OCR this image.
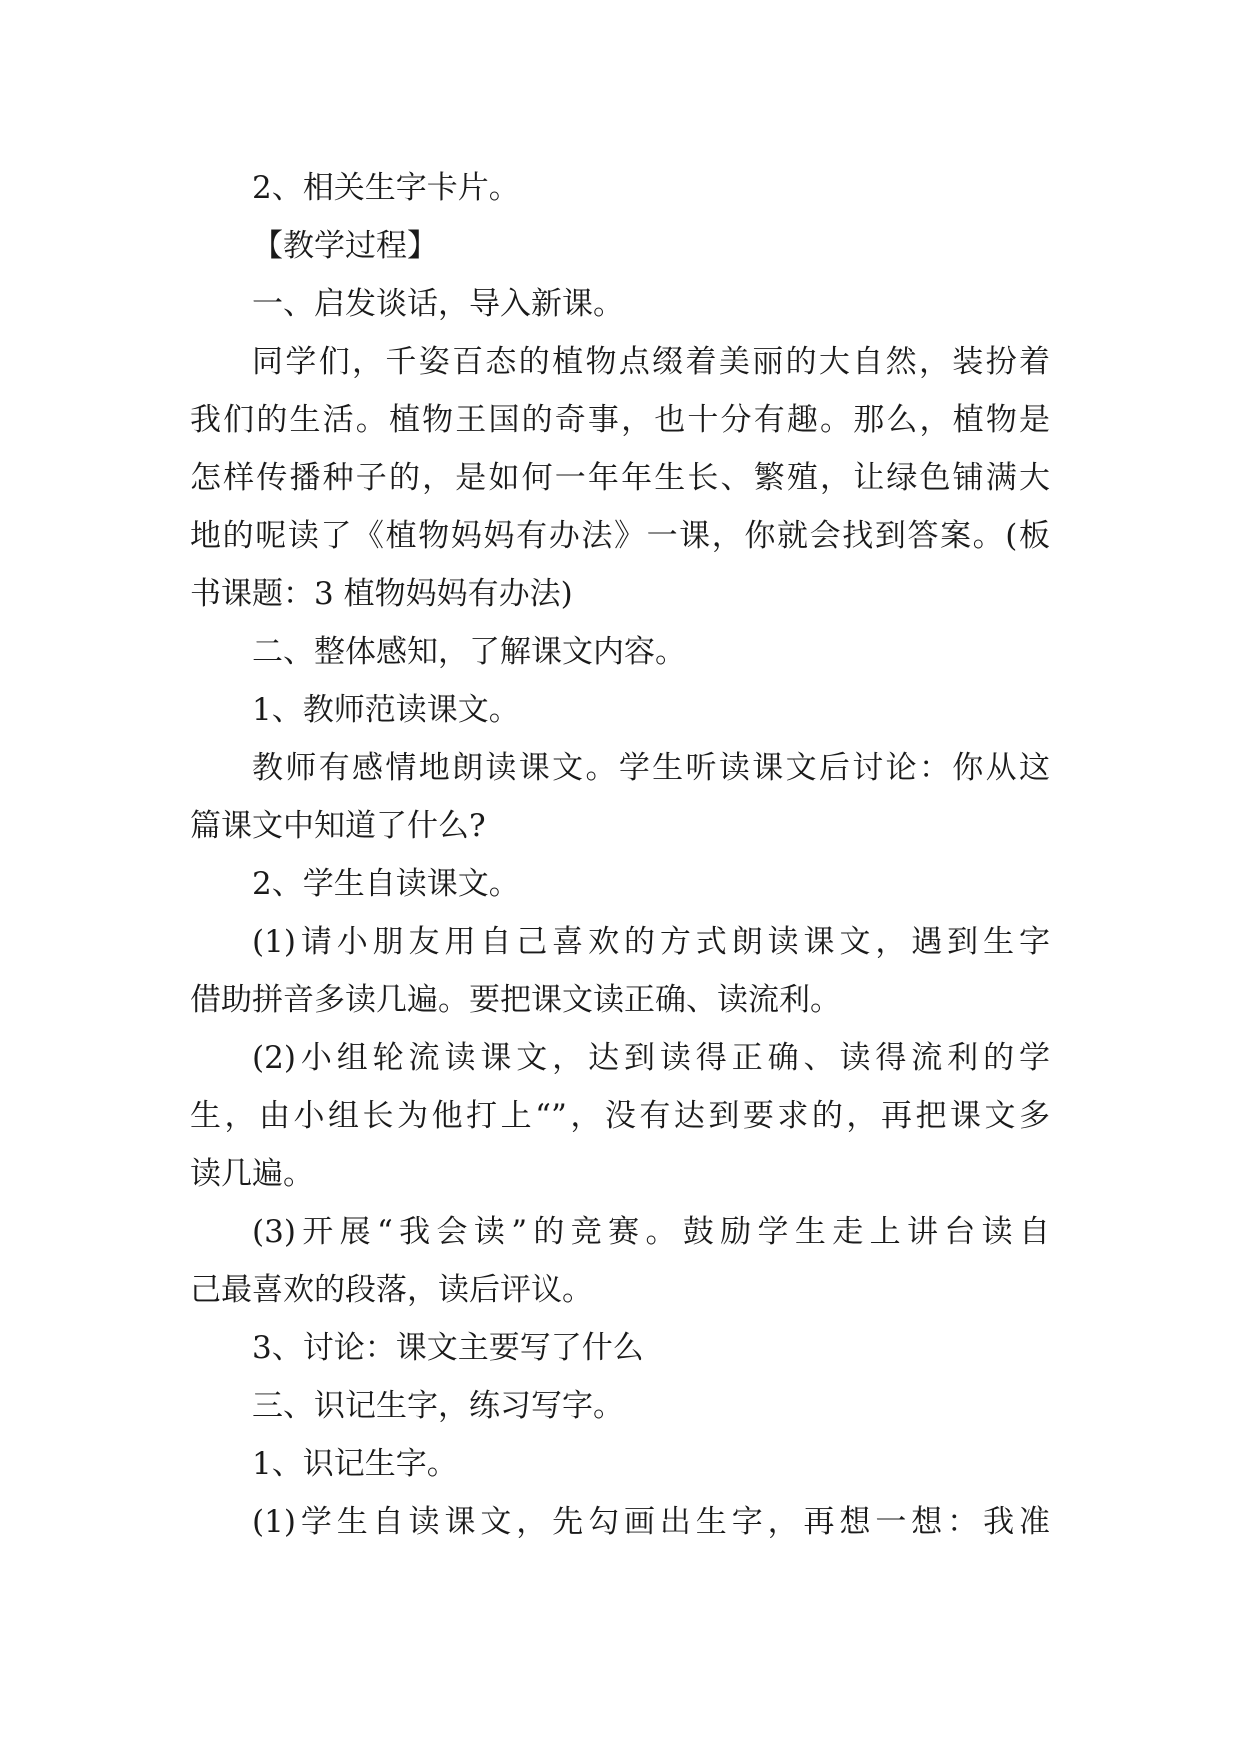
2、相关生字卡片。
【教学过程】
一、启发谈话，导入新课。
同学们，千姿百态的植物点缀着美丽的大自然，装扮着
我们的生活。植物王国的奇事，也十分有趣。那么，植物是
怎样传播种子的，是如何一年年生长、繁殖，让绿色铺满大
地的呢读了《植物妈妈有办法》一课，你就会找到答案。(板
书课题：3 植物妈妈有办法)
二、整体感知，了解课文内容。
1、教师范读课文。
教师有感情地朗读课文。学生听读课文后讨论：你从这
篇课文中知道了什么?
2、学生自读课文。
(1)请小朋友用自己喜欢的方式朗读课文，遇到生字
借助拼音多读几遍。要把课文读正确、读流利。
(2)小组轮流读课文，达到读得正确、读得流利的学
生，由小组长为他打上“”，没有达到要求的，再把课文多
读几遍。
(3)开展“我会读”的竞赛。鼓励学生走上讲台读自
己最喜欢的段落，读后评议。
3、讨论：课文主要写了什么
三、识记生字，练习写字。
1、识记生字。
(1)学生自读课文，先勾画出生字，再想一想：我准
